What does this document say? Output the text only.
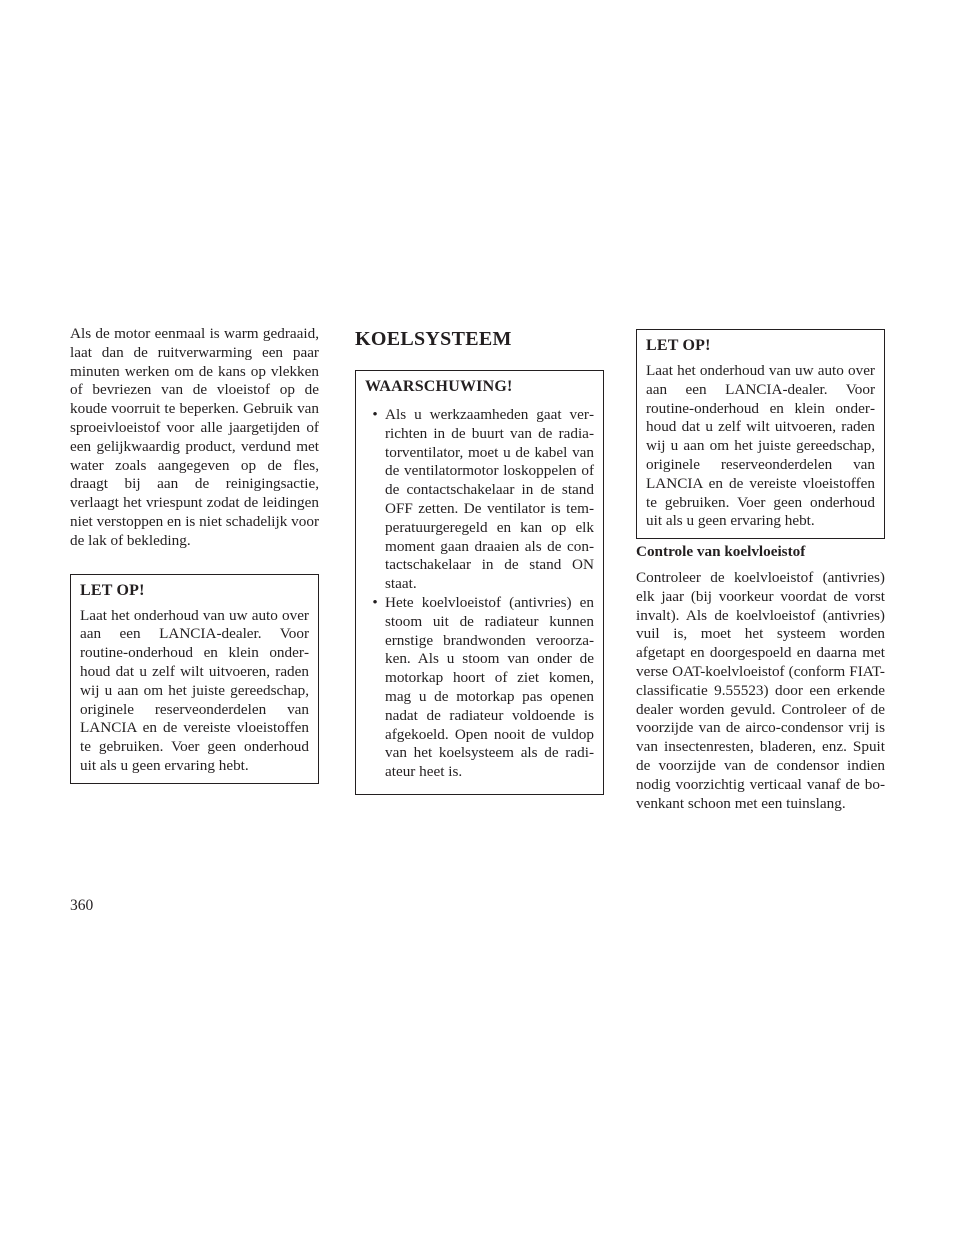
Als de motor eenmaal is warm gedraaid, laat dan de ruitverwarming een paar minuten werken om de kans op vlekken of bevriezen van de vloeistof op de koude voorruit te beperken. Gebruik van sproeivloeistof voor alle jaargetijden of een gelijkwaardig product, verdund met water zoals aangegeven op de fles, draagt bij aan de reinigingsactie, verlaagt het vriespunt zodat de leidingen niet verstoppen en is niet schadelijk voor de lak of bekleding.

LET OP!

Laat het onderhoud van uw auto over aan een LANCIA-dealer. Voor routine-onderhoud en klein onderhoud dat u zelf wilt uitvoeren, raden wij u aan om het juiste gereedschap, originele reserveonderdelen van LANCIA en de vereiste vloeistoffen te gebruiken. Voer geen onderhoud uit als u geen ervaring hebt.

KOELSYSTEEM
WAARSCHUWING!
• Als u werkzaamheden gaat verrichten in de buurt van de radiatorventilator, moet u de kabel van de ventilatormotor loskoppelen of de contactschakelaar in de stand OFF zetten. De ventilator is temperatuurgeregeld en kan op elk moment gaan draaien als de contactschakelaar in de stand ON staat.
• Hete koelvloeistof (antivries) en stoom uit de radiateur kunnen ernstige brandwonden veroorzaken. Als u stoom van onder de motorkap hoort of ziet komen, mag u de motorkap pas openen nadat de radiateur voldoende is afgekoeld. Open nooit de vuldop van het koelsysteem als de radiateur heet is.
LET OP!

Laat het onderhoud van uw auto over aan een LANCIA-dealer. Voor routine-onderhoud en klein onderhoud dat u zelf wilt uitvoeren, raden wij u aan om het juiste gereedschap, originele reserveonderdelen van LANCIA en de vereiste vloeistoffen te gebruiken. Voer geen onderhoud uit als u geen ervaring hebt.

Controle van koelvloeistof

Controleer de koelvloeistof (antivries) elk jaar (bij voorkeur voordat de vorst invalt). Als de koelvloeistof (antivries) vuil is, moet het systeem worden afgetapt en doorgespoeld en daarna met verse OAT-koelvloeistof (conform FIAT-classificatie 9.55523) door een erkende dealer worden gevuld. Controleer of de voorzijde van de airco-condensor vrij is van insectenresten, bladeren, enz. Spuit de voorzijde van de condensor indien nodig voorzichtig verticaal vanaf de bovenkant schoon met een tuinslang.

360
